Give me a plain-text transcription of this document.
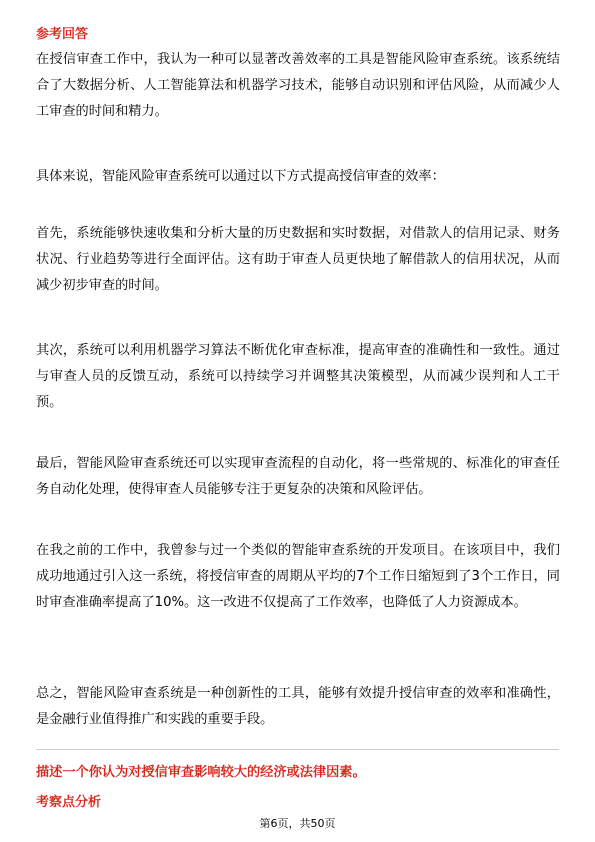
参考回答
在授信审查工作中，我认为一种可以显著改善效率的工具是智能风险审查系统。该系统结合了大数据分析、人工智能算法和机器学习技术，能够自动识别和评估风险，从而减少人工审查的时间和精力。
具体来说，智能风险审查系统可以通过以下方式提高授信审查的效率：
首先，系统能够快速收集和分析大量的历史数据和实时数据，对借款人的信用记录、财务状况、行业趋势等进行全面评估。这有助于审查人员更快地了解借款人的信用状况，从而减少初步审查的时间。
其次，系统可以利用机器学习算法不断优化审查标准，提高审查的准确性和一致性。通过与审查人员的反馈互动，系统可以持续学习并调整其决策模型，从而减少误判和人工干预。
最后，智能风险审查系统还可以实现审查流程的自动化，将一些常规的、标准化的审查任务自动化处理，使得审查人员能够专注于更复杂的决策和风险评估。
在我之前的工作中，我曾参与过一个类似的智能审查系统的开发项目。在该项目中，我们成功地通过引入这一系统，将授信审查的周期从平均的7个工作日缩短到了3个工作日，同时审查准确率提高了10%。这一改进不仅提高了工作效率，也降低了人力资源成本。
总之，智能风险审查系统是一种创新性的工具，能够有效提升授信审查的效率和准确性，是金融行业值得推广和实践的重要手段。
描述一个你认为对授信审查影响较大的经济或法律因素。
考察点分析
第6页，共50页
